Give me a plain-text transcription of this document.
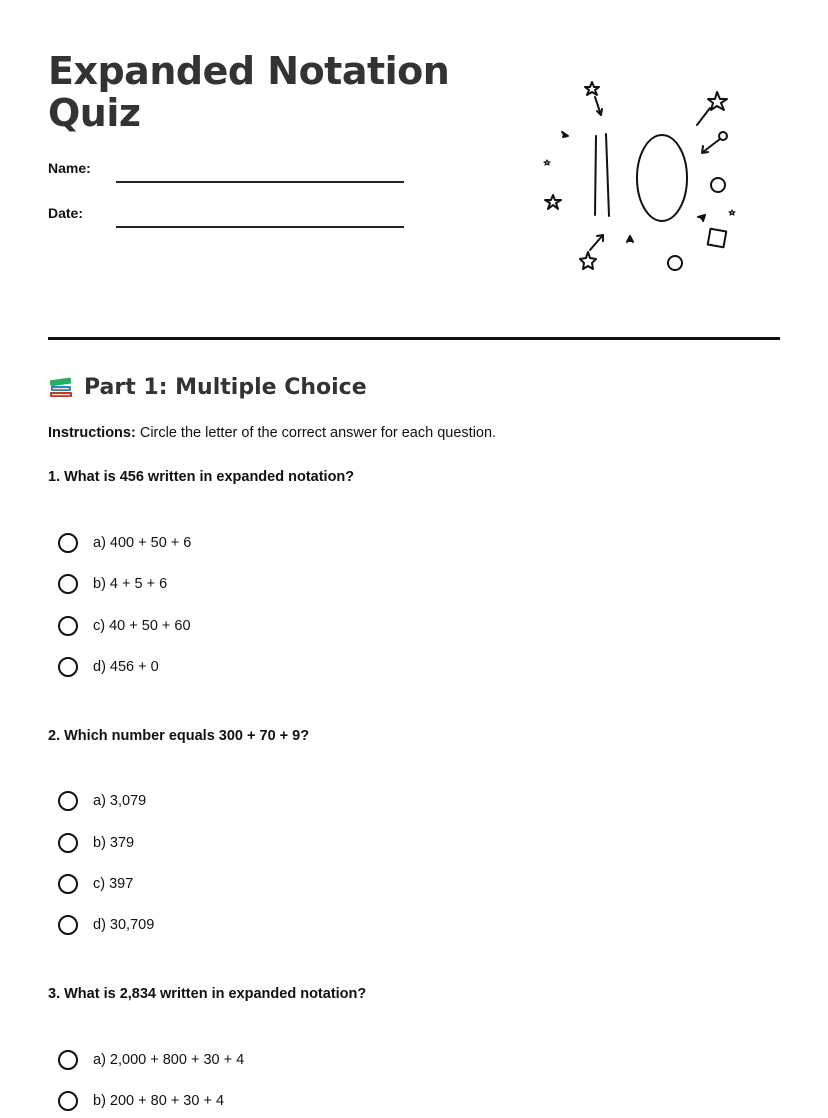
Expanded Notation
Quiz
Name:
Date:
Part 1: Multiple Choice
Instructions: Circle the letter of the correct answer for each question.
1. What is 456 written in expanded notation?
a) 400 + 50 + 6
b) 4 + 5 + 6
c) 40 + 50 + 60
d) 456 + 0
2. Which number equals 300 + 70 + 9?
a) 3,079
b) 379
c) 397
d) 30,709
3. What is 2,834 written in expanded notation?
a) 2,000 + 800 + 30 + 4
b) 200 + 80 + 30 + 4
